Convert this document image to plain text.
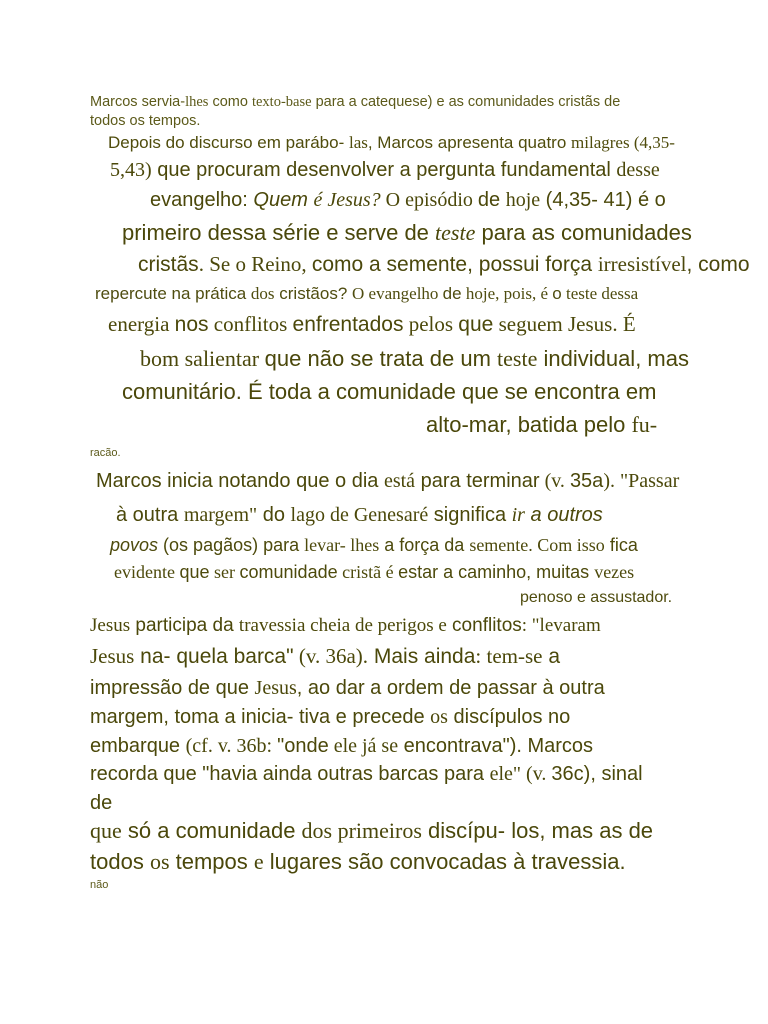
Marcos servia-lhes como texto-base para a catequese) e as comunidades cristãs de
todos os tempos.
Depois do discurso em parábo- las, Marcos apresenta quatro milagres (4,35-
5,43) que procuram desenvolver a pergunta fundamental desse
evangelho: Quem é Jesus? O episódio de hoje (4,35- 41) é o
primeiro dessa série e serve de teste para as comunidades
cristãs. Se o Reino, como a semente, possui força irresistível, como
repercute na prática dos cristãos? O evangelho de hoje, pois, é o teste dessa
energia nos conflitos enfrentados pelos que seguem Jesus. É
bom salientar que não se trata de um teste individual, mas
comunitário. É toda a comunidade que se encontra em
alto-mar, batida pelo fu-
racão.
Marcos inicia notando que o dia está para terminar (v. 35a). "Passar
à outra margem" do lago de Genesaré significa ir a outros
povos (os pagãos) para levar- lhes a força da semente. Com isso fica
evidente que ser comunidade cristã é estar a caminho, muitas vezes
penoso e assustador.
Jesus participa da travessia cheia de perigos e conflitos: "levaram
Jesus na- quela barca" (v. 36a). Mais ainda: tem-se a
impressão de que Jesus, ao dar a ordem de passar à outra
margem, toma a inicia- tiva e precede os discípulos no
embarque (cf. v. 36b: "onde ele já se encontrava"). Marcos
recorda que "havia ainda outras barcas para ele" (v. 36c), sinal
de
que só a comunidade dos primeiros discípu- los, mas as de
todos os tempos e lugares são convocadas à travessia.
não
